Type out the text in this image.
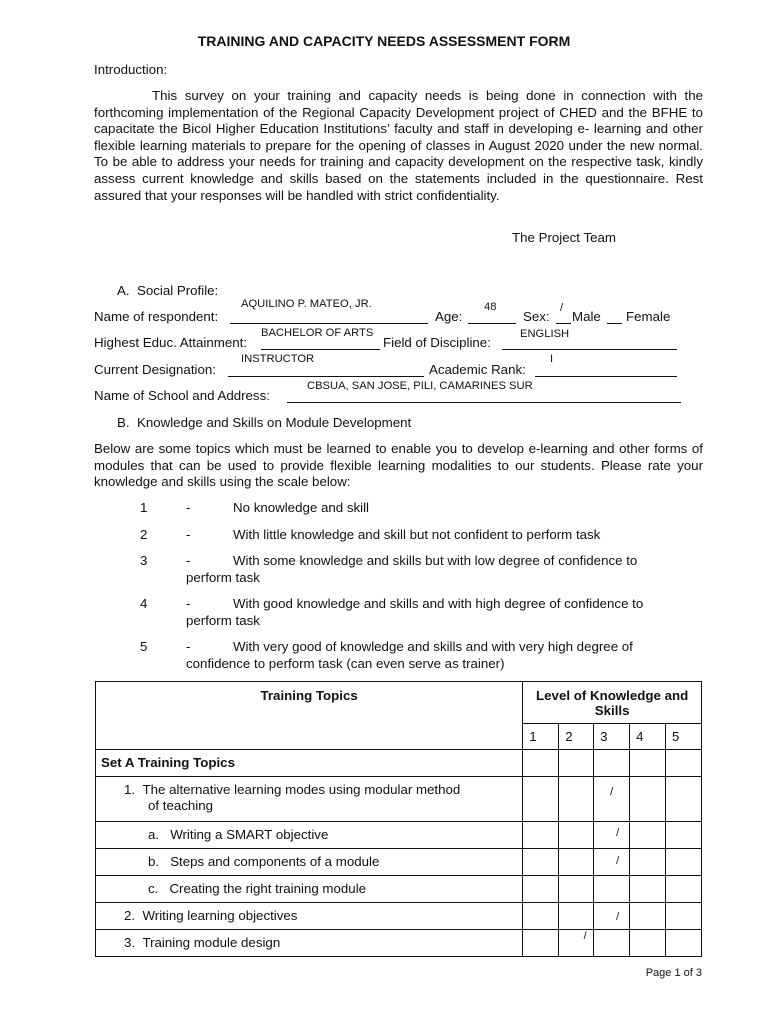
TRAINING AND CAPACITY NEEDS ASSESSMENT FORM
Introduction:
This survey on your training and capacity needs is being done in connection with the forthcoming implementation of the Regional Capacity Development project of CHED and the BFHE to capacitate the Bicol Higher Education Institutions’ faculty and staff in developing e- learning and other flexible learning materials to prepare for the opening of classes in August 2020 under the new normal. To be able to address your needs for training and capacity development on the respective task, kindly assess current knowledge and skills based on the statements included in the questionnaire. Rest assured that your responses will be handled with strict confidentiality.
The Project Team
A.  Social Profile:
Name of respondent:
AQUILINO P. MATEO, JR.
Age:
48
Sex:
/
Male Female
Highest Educ. Attainment:
BACHELOR OF ARTS
Field of Discipline:
ENGLISH
Current Designation:
INSTRUCTOR
Academic Rank:
I
Name of School and Address:
CBSUA, SAN JOSE, PILI, CAMARINES SUR
B.  Knowledge and Skills on Module Development
Below are some topics which must be learned to enable you to develop e-learning and other forms of modules that can be used to provide flexible learning modalities to our students. Please rate your knowledge and skills using the scale below:
1	-	No knowledge and skill
2	-	With little knowledge and skill but not confident to perform task
3	-	With some knowledge and skills but with low degree of confidence to
perform task
4	-	With good knowledge and skills and with high degree of confidence to
perform task
5	-	With very good of knowledge and skills and with very high degree of
confidence to perform task (can even serve as trainer)
Training Topics	Level of Knowledge and Skills				
	1	2	3	4	5
Set A Training Topics					
1. The alternative learning modes using modular method of teaching			/		
a. Writing a SMART objective			/		
b. Steps and components of a module			/		
c. Creating the right training module					
2. Writing learning objectives			/		
3. Training module design		/			
Page 1 of 3
